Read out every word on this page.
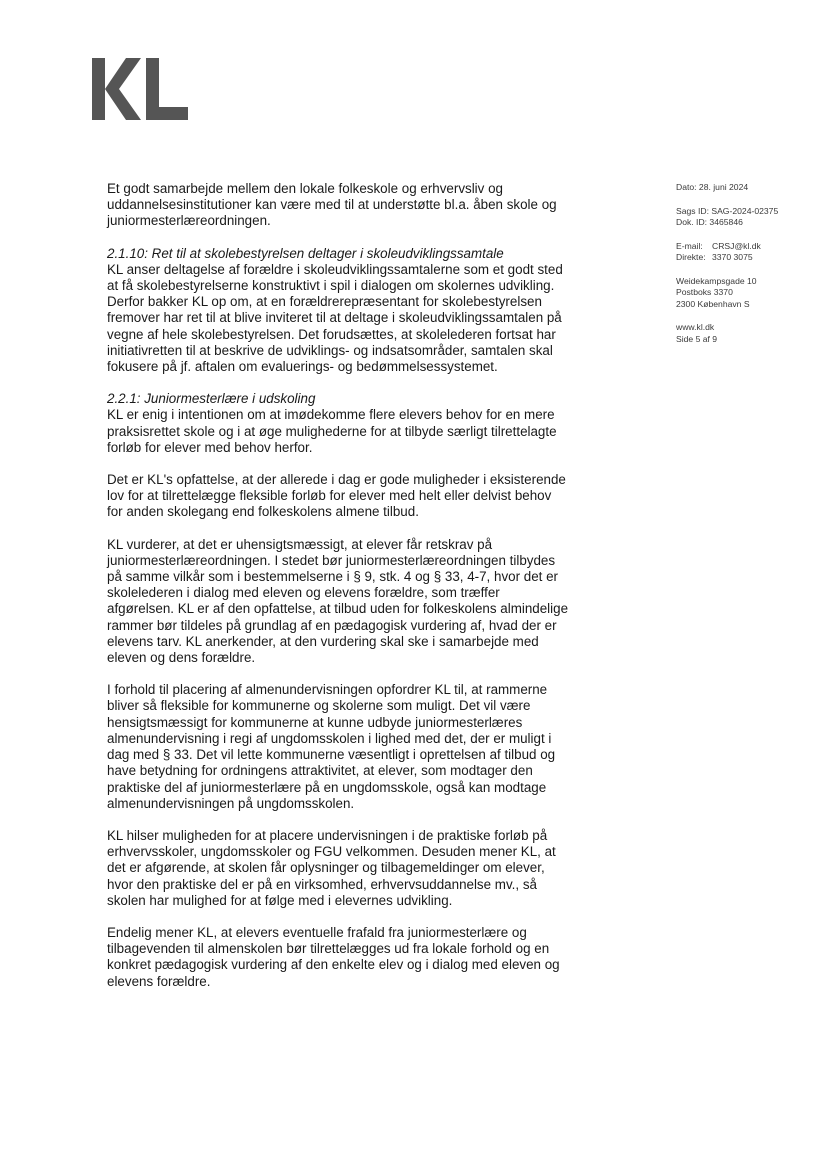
Et godt samarbejde mellem den lokale folkeskole og erhvervsliv og uddannelsesinstitutioner kan være med til at understøtte bl.a. åben skole og juniormesterlæreordningen.

2.1.10: Ret til at skolebestyrelsen deltager i skoleudviklingssamtale

KL anser deltagelse af forældre i skoleudviklingssamtalerne som et godt sted at få skolebestyrelserne konstruktivt i spil i dialogen om skolernes udvikling. Derfor bakker KL op om, at en forældrerepræsentant for skolebestyrelsen fremover har ret til at blive inviteret til at deltage i skoleudviklingssamtalen på vegne af hele skolebestyrelsen. Det forudsættes, at skolelederen fortsat har initiativretten til at beskrive de udviklings- og indsatsområder, samtalen skal fokusere på jf. aftalen om evaluerings- og bedømmelsessystemet.

2.2.1: Juniormesterlære i udskoling

KL er enig i intentionen om at imødekomme flere elevers behov for en mere praksisrettet skole og i at øge mulighederne for at tilbyde særligt tilrettelagte forløb for elever med behov herfor.

Det er KL's opfattelse, at der allerede i dag er gode muligheder i eksisterende lov for at tilrettelægge fleksible forløb for elever med helt eller delvist behov for anden skolegang end folkeskolens almene tilbud.

KL vurderer, at det er uhensigtsmæssigt, at elever får retskrav på juniormesterlæreordningen. I stedet bør juniormesterlæreordningen tilbydes på samme vilkår som i bestemmelserne i § 9, stk. 4 og § 33, 4-7, hvor det er skolelederen i dialog med eleven og elevens forældre, som træffer afgørelsen. KL er af den opfattelse, at tilbud uden for folkeskolens almindelige rammer bør tildeles på grundlag af en pædagogisk vurdering af, hvad der er elevens tarv. KL anerkender, at den vurdering skal ske i samarbejde med eleven og dens forældre.

I forhold til placering af almenundervisningen opfordrer KL til, at rammerne bliver så fleksible for kommunerne og skolerne som muligt. Det vil være hensigtsmæssigt for kommunerne at kunne udbyde juniormesterlæres almenundervisning i regi af ungdomsskolen i lighed med det, der er muligt i dag med § 33. Det vil lette kommunerne væsentligt i oprettelsen af tilbud og have betydning for ordningens attraktivitet, at elever, som modtager den praktiske del af juniormesterlære på en ungdomsskole, også kan modtage almenundervisningen på ungdomsskolen.

KL hilser muligheden for at placere undervisningen i de praktiske forløb på erhvervsskoler, ungdomsskoler og FGU velkommen. Desuden mener KL, at det er afgørende, at skolen får oplysninger og tilbagemeldinger om elever, hvor den praktiske del er på en virksomhed, erhvervsuddannelse mv., så skolen har mulighed for at følge med i elevernes udvikling.

Endelig mener KL, at elevers eventuelle frafald fra juniormesterlære og tilbagevenden til almenskolen bør tilrettelægges ud fra lokale forhold og en konkret pædagogisk vurdering af den enkelte elev og i dialog med eleven og elevens forældre.

Dato: 28. juni 2024
Sags ID: SAG-2024-02375
Dok. ID: 3465846
E-mail:	CRSJ@kl.dk
Direkte: 3370 3075
Weidekampsgade 10
Postboks 3370
2300 København S
www.kl.dk
Side 5 af 9
